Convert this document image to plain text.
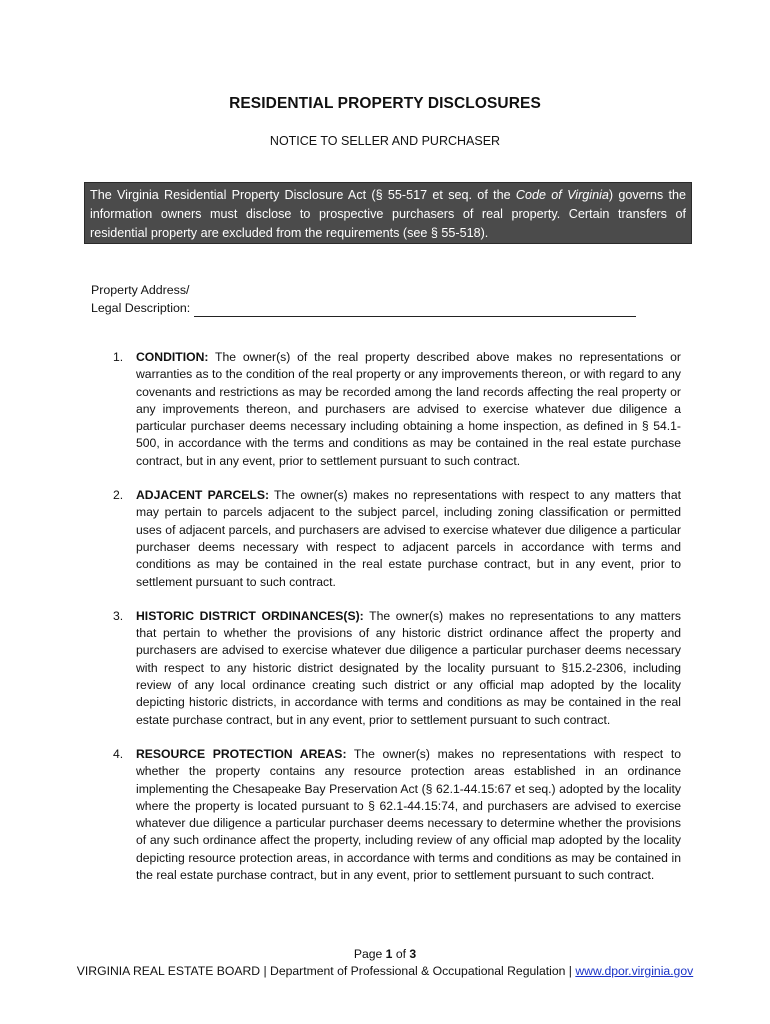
RESIDENTIAL PROPERTY DISCLOSURES
NOTICE TO SELLER AND PURCHASER
The Virginia Residential Property Disclosure Act (§ 55-517 et seq. of the Code of Virginia) governs the information owners must disclose to prospective purchasers of real property. Certain transfers of residential property are excluded from the requirements (see § 55-518).
Property Address/
Legal Description:
1. CONDITION: The owner(s) of the real property described above makes no representations or warranties as to the condition of the real property or any improvements thereon, or with regard to any covenants and restrictions as may be recorded among the land records affecting the real property or any improvements thereon, and purchasers are advised to exercise whatever due diligence a particular purchaser deems necessary including obtaining a home inspection, as defined in § 54.1-500, in accordance with the terms and conditions as may be contained in the real estate purchase contract, but in any event, prior to settlement pursuant to such contract.
2. ADJACENT PARCELS: The owner(s) makes no representations with respect to any matters that may pertain to parcels adjacent to the subject parcel, including zoning classification or permitted uses of adjacent parcels, and purchasers are advised to exercise whatever due diligence a particular purchaser deems necessary with respect to adjacent parcels in accordance with terms and conditions as may be contained in the real estate purchase contract, but in any event, prior to settlement pursuant to such contract.
3. HISTORIC DISTRICT ORDINANCES(S): The owner(s) makes no representations to any matters that pertain to whether the provisions of any historic district ordinance affect the property and purchasers are advised to exercise whatever due diligence a particular purchaser deems necessary with respect to any historic district designated by the locality pursuant to §15.2-2306, including review of any local ordinance creating such district or any official map adopted by the locality depicting historic districts, in accordance with terms and conditions as may be contained in the real estate purchase contract, but in any event, prior to settlement pursuant to such contract.
4. RESOURCE PROTECTION AREAS: The owner(s) makes no representations with respect to whether the property contains any resource protection areas established in an ordinance implementing the Chesapeake Bay Preservation Act (§ 62.1-44.15:67 et seq.) adopted by the locality where the property is located pursuant to § 62.1-44.15:74, and purchasers are advised to exercise whatever due diligence a particular purchaser deems necessary to determine whether the provisions of any such ordinance affect the property, including review of any official map adopted by the locality depicting resource protection areas, in accordance with terms and conditions as may be contained in the real estate purchase contract, but in any event, prior to settlement pursuant to such contract.
Page 1 of 3
VIRGINIA REAL ESTATE BOARD | Department of Professional & Occupational Regulation | www.dpor.virginia.gov
